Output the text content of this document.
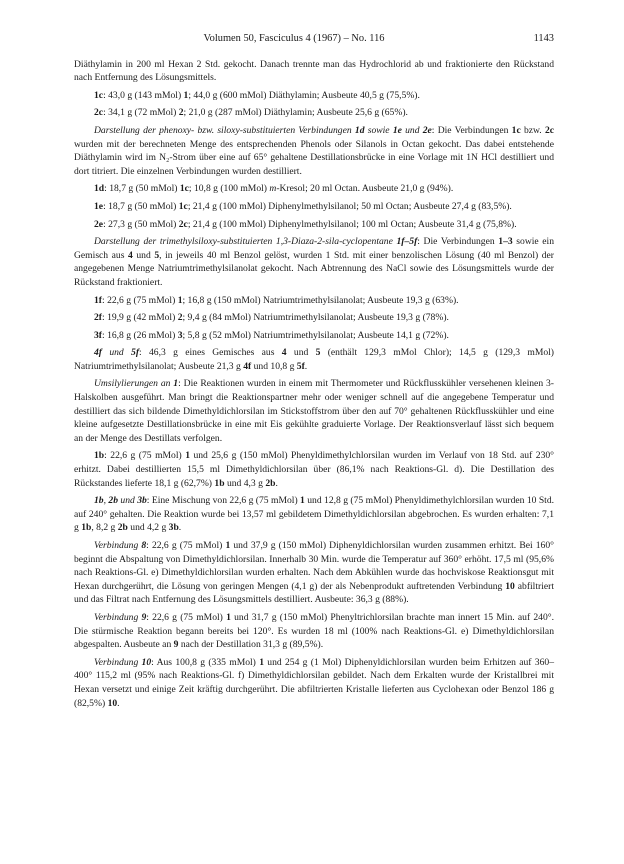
Volumen 50, Fasciculus 4 (1967) – No. 116	1143

Diäthylamin in 200 ml Hexan 2 Std. gekocht. Danach trennte man das Hydrochlorid ab und fraktionierte den Rückstand nach Entfernung des Lösungsmittels.

1c: 43,0 g (143 mMol) 1; 44,0 g (600 mMol) Diäthylamin; Ausbeute 40,5 g (75,5%).

2c: 34,1 g (72 mMol) 2; 21,0 g (287 mMol) Diäthylamin; Ausbeute 25,6 g (65%).

Darstellung der phenoxy- bzw. siloxy-substituierten Verbindungen 1d sowie 1e und 2e: Die Verbindungen 1c bzw. 2c wurden mit der berechneten Menge des entsprechenden Phenols oder Silanols in Octan gekocht. Das dabei entstehende Diäthylamin wird im N₂-Strom über eine auf 65° gehaltene Destillationsbrücke in eine Vorlage mit 1N HCl destilliert und dort titriert. Die einzelnen Verbindungen wurden destilliert.

1d: 18,7 g (50 mMol) 1c; 10,8 g (100 mMol) m-Kresol; 20 ml Octan. Ausbeute 21,0 g (94%).

1e: 18,7 g (50 mMol) 1c; 21,4 g (100 mMol) Diphenylmethylsilanol; 50 ml Octan; Ausbeute 27,4 g (83,5%).

2e: 27,3 g (50 mMol) 2c; 21,4 g (100 mMol) Diphenylmethylsilanol; 100 ml Octan; Ausbeute 31,4 g (75,8%).

Darstellung der trimethylsiloxy-substituierten 1,3-Diaza-2-sila-cyclopentane 1f–5f: Die Verbindungen 1–3 sowie ein Gemisch aus 4 und 5, in jeweils 40 ml Benzol gelöst, wurden 1 Std. mit einer benzolischen Lösung (40 ml Benzol) der angegebenen Menge Natriumtrimethylsilanolat gekocht. Nach Abtrennung des NaCl sowie des Lösungsmittels wurde der Rückstand fraktioniert.

1f: 22,6 g (75 mMol) 1; 16,8 g (150 mMol) Natriumtrimethylsilanolat; Ausbeute 19,3 g (63%).

2f: 19,9 g (42 mMol) 2; 9,4 g (84 mMol) Natriumtrimethylsilanolat; Ausbeute 19,3 g (78%).

3f: 16,8 g (26 mMol) 3; 5,8 g (52 mMol) Natriumtrimethylsilanolat; Ausbeute 14,1 g (72%).

4f und 5f: 46,3 g eines Gemisches aus 4 und 5 (enthält 129,3 mMol Chlor); 14,5 g (129,3 mMol) Natriumtrimethylsilanolat; Ausbeute 21,3 g 4f und 10,8 g 5f.

Umsilylierungen an 1: Die Reaktionen wurden in einem mit Thermometer und Rückflusskühler versehenen kleinen 3-Halskolben ausgeführt. Man bringt die Reaktionspartner mehr oder weniger schnell auf die angegebene Temperatur und destilliert das sich bildende Dimethyldichlorsilan im Stickstoffstrom über den auf 70° gehaltenen Rückflusskühler und eine kleine aufgesetzte Destillationsbrücke in eine mit Eis gekühlte graduierte Vorlage. Der Reaktionsverlauf lässt sich bequem an der Menge des Destillats verfolgen.

1b: 22,6 g (75 mMol) 1 und 25,6 g (150 mMol) Phenyldimethylchlorsilan wurden im Verlauf von 18 Std. auf 230° erhitzt. Dabei destillierten 15,5 ml Dimethyldichlorsilan über (86,1% nach Reaktions-Gl. d). Die Destillation des Rückstandes lieferte 18,1 g (62,7%) 1b und 4,3 g 2b.

1b, 2b und 3b: Eine Mischung von 22,6 g (75 mMol) 1 und 12,8 g (75 mMol) Phenyldimethylchlorsilan wurden 10 Std. auf 240° gehalten. Die Reaktion wurde bei 13,57 ml gebildetem Dimethyldichlorsilan abgebrochen. Es wurden erhalten: 7,1 g 1b, 8,2 g 2b und 4,2 g 3b.

Verbindung 8: 22,6 g (75 mMol) 1 und 37,9 g (150 mMol) Diphenyldichlorsilan wurden zusammen erhitzt. Bei 160° beginnt die Abspaltung von Dimethyldichlorsilan. Innerhalb 30 Min. wurde die Temperatur auf 360° erhöht. 17,5 ml (95,6% nach Reaktions-Gl. e) Dimethyldichlorsilan wurden erhalten. Nach dem Abkühlen wurde das hochviskose Reaktionsgut mit Hexan durchgerührt, die Lösung von geringen Mengen (4,1 g) der als Nebenprodukt auftretenden Verbindung 10 abfiltriert und das Filtrat nach Entfernung des Lösungsmittels destilliert. Ausbeute: 36,3 g (88%).

Verbindung 9: 22,6 g (75 mMol) 1 und 31,7 g (150 mMol) Phenyltrichlorsilan brachte man innert 15 Min. auf 240°. Die stürmische Reaktion begann bereits bei 120°. Es wurden 18 ml (100% nach Reaktions-Gl. e) Dimethyldichlorsilan abgespalten. Ausbeute an 9 nach der Destillation 31,3 g (89,5%).

Verbindung 10: Aus 100,8 g (335 mMol) 1 und 254 g (1 Mol) Diphenyldichlorsilan wurden beim Erhitzen auf 360–400° 115,2 ml (95% nach Reaktions-Gl. f) Dimethyldichlorsilan gebildet. Nach dem Erkalten wurde der Kristallbrei mit Hexan versetzt und einige Zeit kräftig durchgerührt. Die abfiltrierten Kristalle lieferten aus Cyclohexan oder Benzol 186 g (82,5%) 10.
